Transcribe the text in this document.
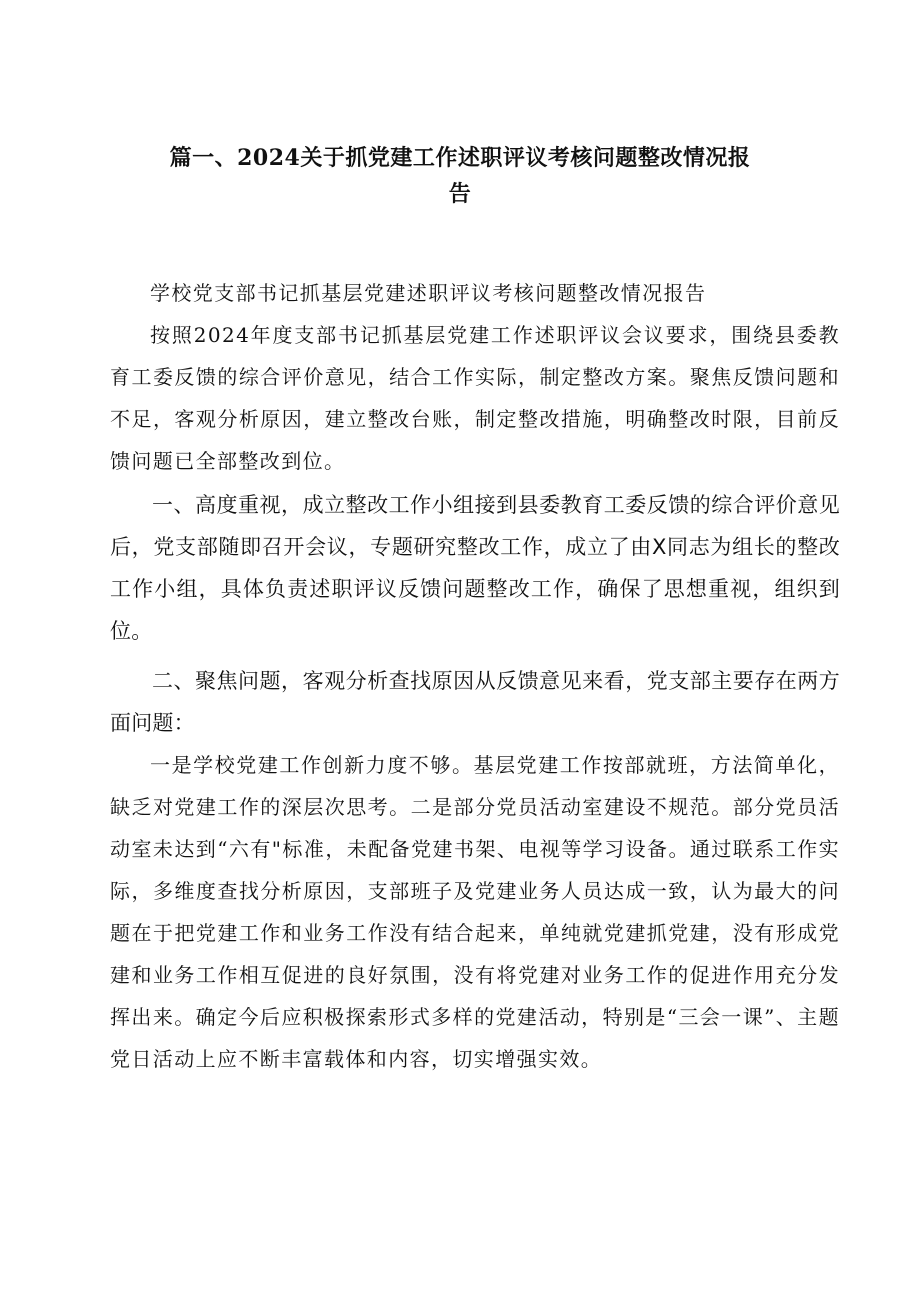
篇一、2024关于抓党建工作述职评议考核问题整改情况报
告

学校党支部书记抓基层党建述职评议考核问题整改情况报告

按照2024年度支部书记抓基层党建工作述职评议会议要求，围绕县委教育工委反馈的综合评价意见，结合工作实际，制定整改方案。聚焦反馈问题和不足，客观分析原因，建立整改台账，制定整改措施，明确整改时限，目前反馈问题已全部整改到位。

一、高度重视，成立整改工作小组接到县委教育工委反馈的综合评价意见后，党支部随即召开会议，专题研究整改工作，成立了由X同志为组长的整改工作小组，具体负责述职评议反馈问题整改工作，确保了思想重视，组织到位。

二、聚焦问题，客观分析查找原因从反馈意见来看，党支部主要存在两方面问题：

一是学校党建工作创新力度不够。基层党建工作按部就班，方法简单化，缺乏对党建工作的深层次思考。二是部分党员活动室建设不规范。部分党员活动室未达到“六有"标准，未配备党建书架、电视等学习设备。通过联系工作实际，多维度查找分析原因，支部班子及党建业务人员达成一致，认为最大的问题在于把党建工作和业务工作没有结合起来，单纯就党建抓党建，没有形成党建和业务工作相互促进的良好氛围，没有将党建对业务工作的促进作用充分发挥出来。确定今后应积极探索形式多样的党建活动，特别是“三会一课”、主题党日活动上应不断丰富载体和内容，切实增强实效。
